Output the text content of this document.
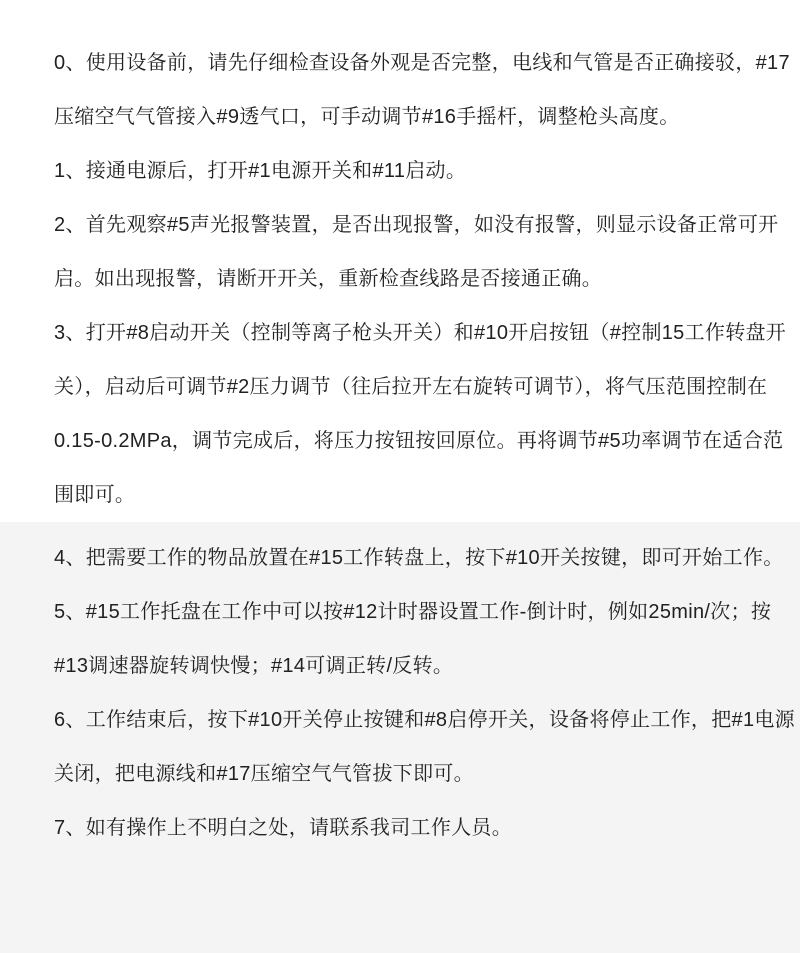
0、使用设备前，请先仔细检查设备外观是否完整，电线和气管是否正确接驳，#17
压缩空气气管接入#9透气口，可手动调节#16手摇杆，调整枪头高度。
1、接通电源后，打开#1电源开关和#11启动。
2、首先观察#5声光报警装置，是否出现报警，如没有报警，则显示设备正常可开
启。如出现报警，请断开开关，重新检查线路是否接通正确。
3、打开#8启动开关（控制等离子枪头开关）和#10开启按钮（#控制15工作转盘开
关），启动后可调节#2压力调节（往后拉开左右旋转可调节），将气压范围控制在
0.15-0.2MPa，调节完成后，将压力按钮按回原位。再将调节#5功率调节在适合范
围即可。
4、把需要工作的物品放置在#15工作转盘上，按下#10开关按键，即可开始工作。
5、#15工作托盘在工作中可以按#12计时器设置工作-倒计时，例如25min/次；按
#13调速器旋转调快慢；#14可调正转/反转。
6、工作结束后，按下#10开关停止按键和#8启停开关，设备将停止工作，把#1电源
关闭，把电源线和#17压缩空气气管拔下即可。
7、如有操作上不明白之处，请联系我司工作人员。
